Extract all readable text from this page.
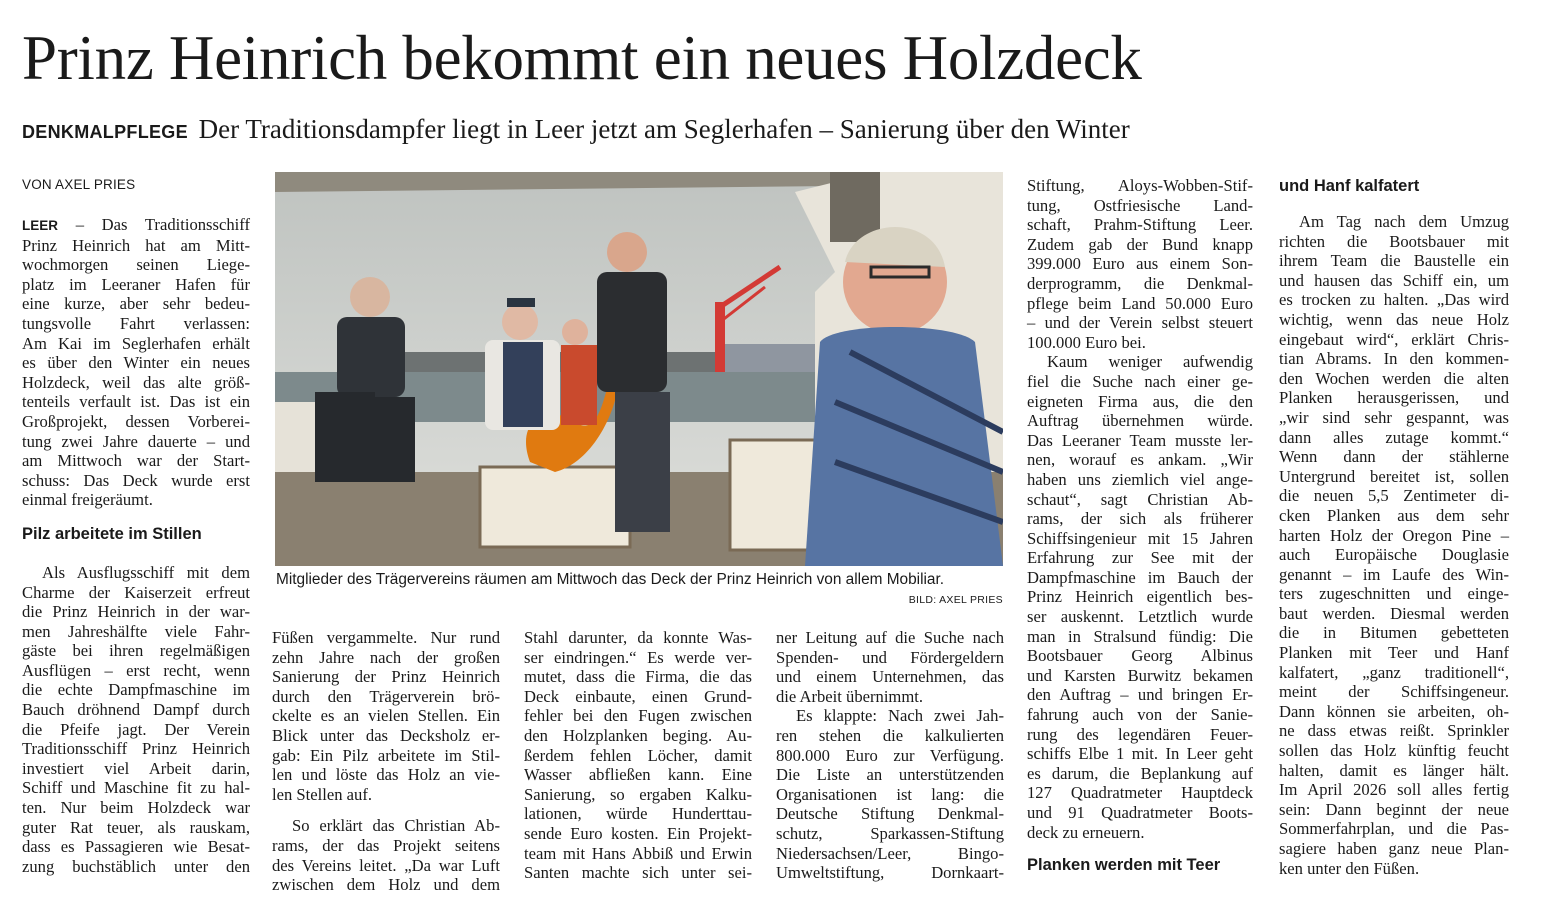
Prinz Heinrich bekommt ein neues Holzdeck
DENKMALPFLEGE Der Traditionsdampfer liegt in Leer jetzt am Seglerhafen – Sanierung über den Winter
VON AXEL PRIES
Mitglieder des Trägervereins räumen am Mittwoch das Deck der Prinz Heinrich von allem Mobiliar.
BILD: AXEL PRIES

LEER – Das Traditionsschiff

Prinz Heinrich hat am Mitt-

wochmorgen seinen Liege-

platz im Leeraner Hafen für

eine kurze, aber sehr bedeu-

tungsvolle Fahrt verlassen:

Am Kai im Seglerhafen erhält

es über den Winter ein neues

Holzdeck, weil das alte größ-

tenteils verfault ist. Das ist ein

Großprojekt, dessen Vorberei-

tung zwei Jahre dauerte – und

am Mittwoch war der Start-

schuss: Das Deck wurde erst

einmal freigeräumt.

Pilz arbeitete im Stillen

Als Ausflugsschiff mit dem

Charme der Kaiserzeit erfreut

die Prinz Heinrich in der war-

men Jahreshälfte viele Fahr-

gäste bei ihren regelmäßigen

Ausflügen – erst recht, wenn

die echte Dampfmaschine im

Bauch dröhnend Dampf durch

die Pfeife jagt. Der Verein

Traditionsschiff Prinz Heinrich

investiert viel Arbeit darin,

Schiff und Maschine fit zu hal-

ten. Nur beim Holzdeck war

guter Rat teuer, als rauskam,

dass es Passagieren wie Besat-

zung buchstäblich unter den

Füßen vergammelte. Nur rund

zehn Jahre nach der großen

Sanierung der Prinz Heinrich

durch den Trägerverein brö-

ckelte es an vielen Stellen. Ein

Blick unter das Decksholz er-

gab: Ein Pilz arbeitete im Stil-

len und löste das Holz an vie-

len Stellen auf.

So erklärt das Christian Ab-

rams, der das Projekt seitens

des Vereins leitet. „Da war Luft

zwischen dem Holz und dem

Stahl darunter, da konnte Was-

ser eindringen.“ Es werde ver-

mutet, dass die Firma, die das

Deck einbaute, einen Grund-

fehler bei den Fugen zwischen

den Holzplanken beging. Au-

ßerdem fehlen Löcher, damit

Wasser abfließen kann. Eine

Sanierung, so ergaben Kalku-

lationen, würde Hunderttau-

sende Euro kosten. Ein Projekt-

team mit Hans Abbiß und Erwin

Santen machte sich unter sei-

ner Leitung auf die Suche nach

Spenden- und Fördergeldern

und einem Unternehmen, das

die Arbeit übernimmt.

Es klappte: Nach zwei Jah-

ren stehen die kalkulierten

800.000 Euro zur Verfügung.

Die Liste an unterstützenden

Organisationen ist lang: die

Deutsche Stiftung Denkmal-

schutz, Sparkassen-Stiftung

Niedersachsen/Leer, Bingo-

Umweltstiftung, Dornkaart-

Stiftung, Aloys-Wobben-Stif-

tung, Ostfriesische Land-

schaft, Prahm-Stiftung Leer.

Zudem gab der Bund knapp

399.000 Euro aus einem Son-

derprogramm, die Denkmal-

pflege beim Land 50.000 Euro

– und der Verein selbst steuert

100.000 Euro bei.

Kaum weniger aufwendig

fiel die Suche nach einer ge-

eigneten Firma aus, die den

Auftrag übernehmen würde.

Das Leeraner Team musste ler-

nen, worauf es ankam. „Wir

haben uns ziemlich viel ange-

schaut“, sagt Christian Ab-

rams, der sich als früherer

Schiffsingenieur mit 15 Jahren

Erfahrung zur See mit der

Dampfmaschine im Bauch der

Prinz Heinrich eigentlich bes-

ser auskennt. Letztlich wurde

man in Stralsund fündig: Die

Bootsbauer Georg Albinus

und Karsten Burwitz bekamen

den Auftrag – und bringen Er-

fahrung auch von der Sanie-

rung des legendären Feuer-

schiffs Elbe 1 mit. In Leer geht

es darum, die Beplankung auf

127 Quadratmeter Hauptdeck

und 91 Quadratmeter Boots-

deck zu erneuern.

Planken werden mit Teer
und Hanf kalfatert

Am Tag nach dem Umzug

richten die Bootsbauer mit

ihrem Team die Baustelle ein

und hausen das Schiff ein, um

es trocken zu halten. „Das wird

wichtig, wenn das neue Holz

eingebaut wird“, erklärt Chris-

tian Abrams. In den kommen-

den Wochen werden die alten

Planken herausgerissen, und

„wir sind sehr gespannt, was

dann alles zutage kommt.“

Wenn dann der stählerne

Untergrund bereitet ist, sollen

die neuen 5,5 Zentimeter di-

cken Planken aus dem sehr

harten Holz der Oregon Pine –

auch Europäische Douglasie

genannt – im Laufe des Win-

ters zugeschnitten und einge-

baut werden. Diesmal werden

die in Bitumen gebetteten

Planken mit Teer und Hanf

kalfatert, „ganz traditionell“,

meint der Schiffsingeneur.

Dann können sie arbeiten, oh-

ne dass etwas reißt. Sprinkler

sollen das Holz künftig feucht

halten, damit es länger hält.

Im April 2026 soll alles fertig

sein: Dann beginnt der neue

Sommerfahrplan, und die Pas-

sagiere haben ganz neue Plan-

ken unter den Füßen.
